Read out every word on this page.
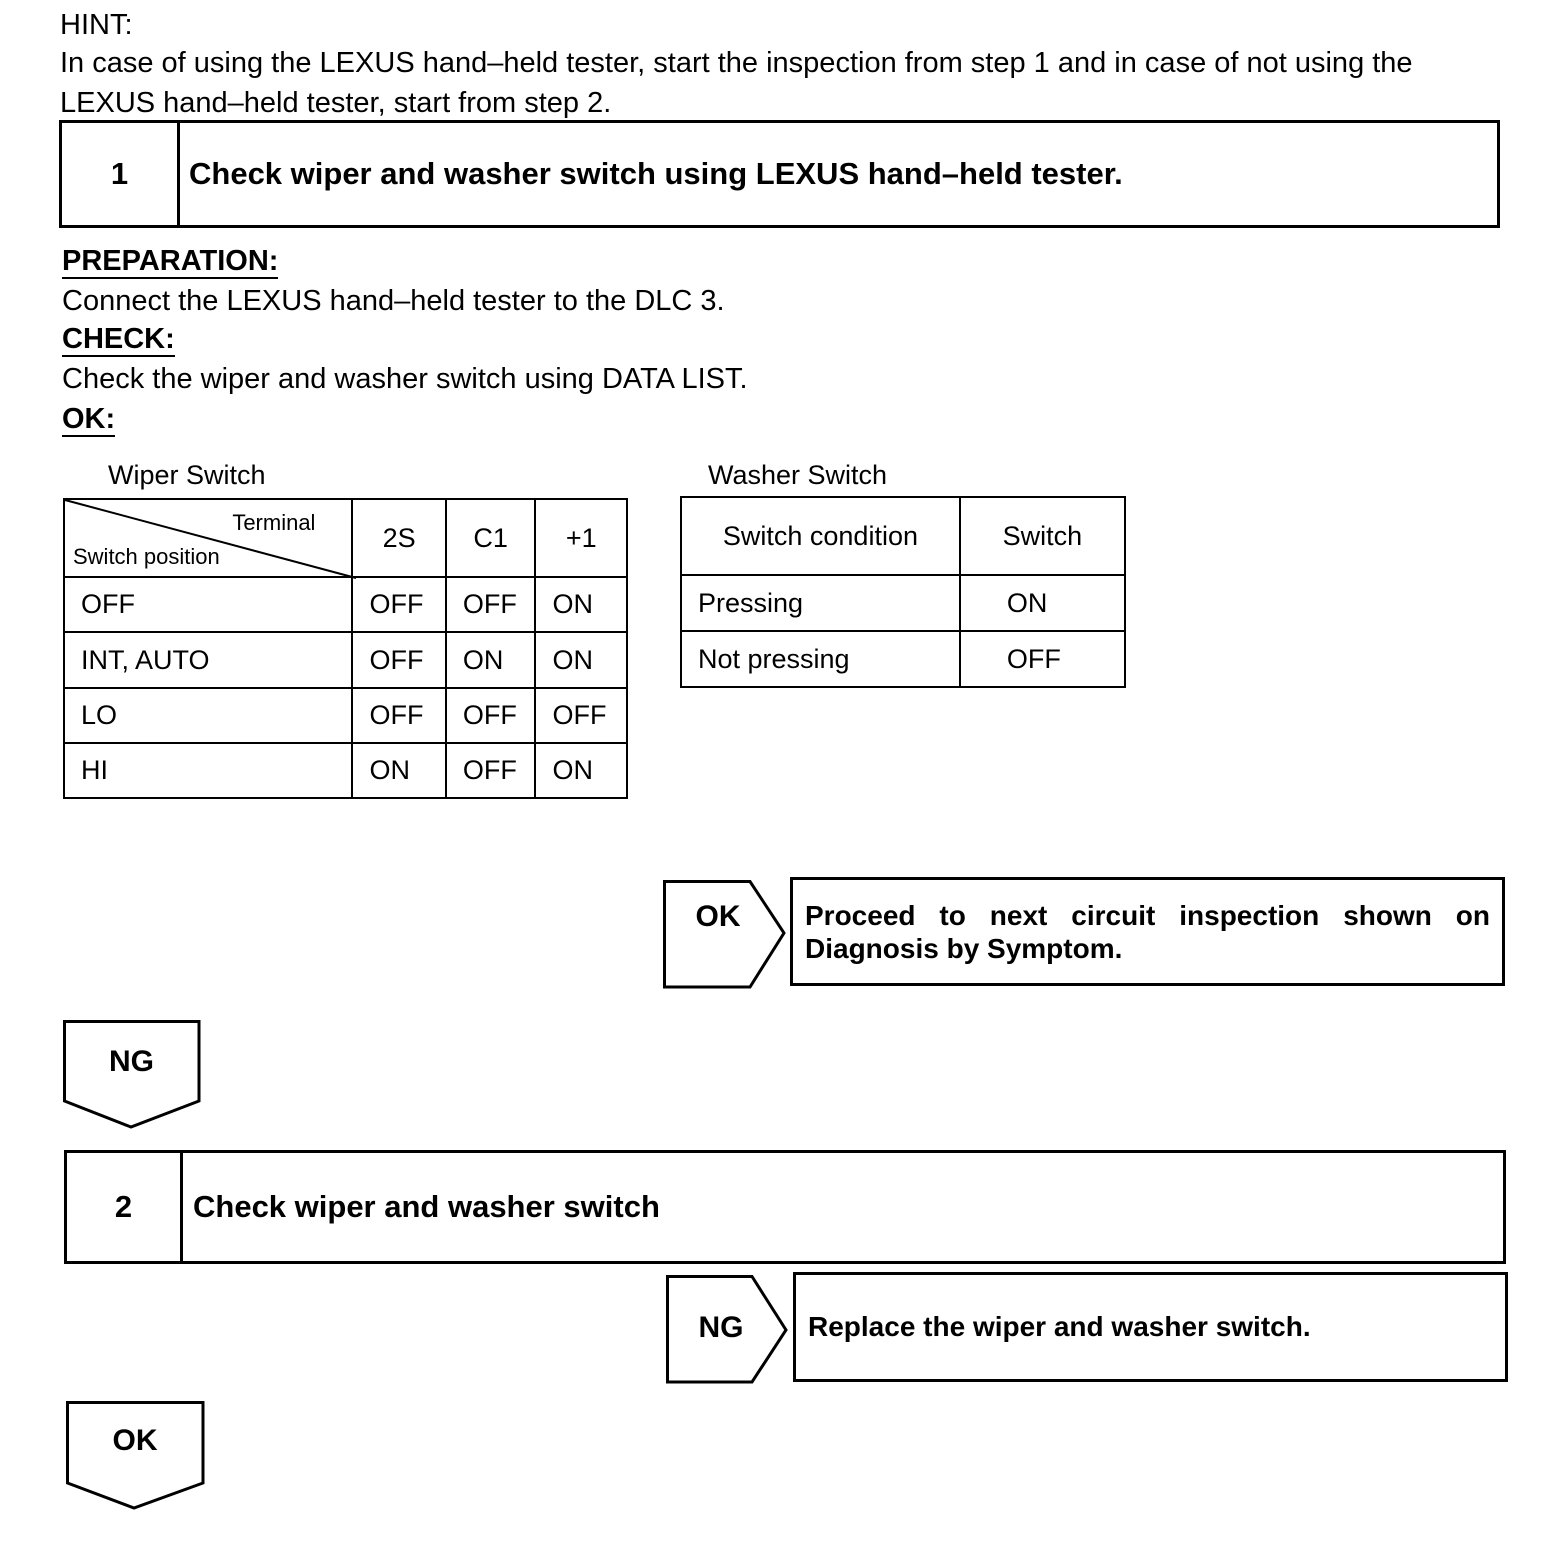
HINT:
In case of using the LEXUS hand–held tester, start the inspection from step 1 and in case of not using the
LEXUS hand–held tester, start from step 2.
1	Check wiper and washer switch using LEXUS hand–held tester.
PREPARATION:
Connect the LEXUS hand–held tester to the DLC 3.
CHECK:
Check the wiper and washer switch using DATA LIST.
OK:
Wiper Switch
Terminal
Switch position	2S	C1	+1
OFF	OFF	OFF	ON
INT, AUTO	OFF	ON	ON
LO	OFF	OFF	OFF
HI	ON	OFF	ON
Washer Switch
Switch condition	Switch
Pressing	ON
Not pressing	OFF
OK	Proceed to next circuit inspection shown on Diagnosis by Symptom.
NG
2	Check wiper and washer switch
NG	Replace the wiper and washer switch.
OK
